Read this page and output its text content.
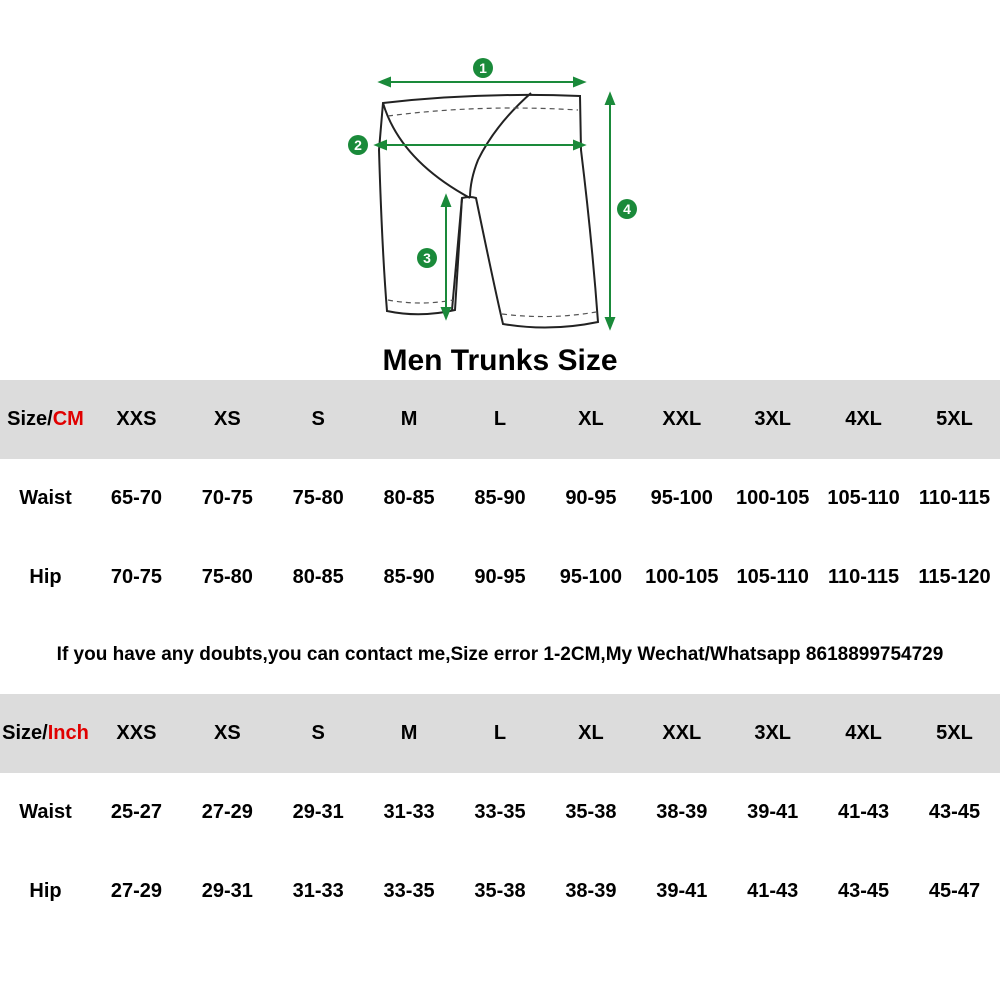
1
2
3
4
Men Trunks Size
Size/CM	XXS	XS	S	M	L	XL	XXL	3XL	4XL	5XL
Waist	65-70	70-75	75-80	80-85	85-90	90-95	95-100	100-105	105-110	110-115
Hip	70-75	75-80	80-85	85-90	90-95	95-100	100-105	105-110	110-115	115-120
If you have any doubts,you can contact me,Size error 1-2CM,My Wechat/Whatsapp 8618899754729
Size/Inch	XXS	XS	S	M	L	XL	XXL	3XL	4XL	5XL
Waist	25-27	27-29	29-31	31-33	33-35	35-38	38-39	39-41	41-43	43-45
Hip	27-29	29-31	31-33	33-35	35-38	38-39	39-41	41-43	43-45	45-47
